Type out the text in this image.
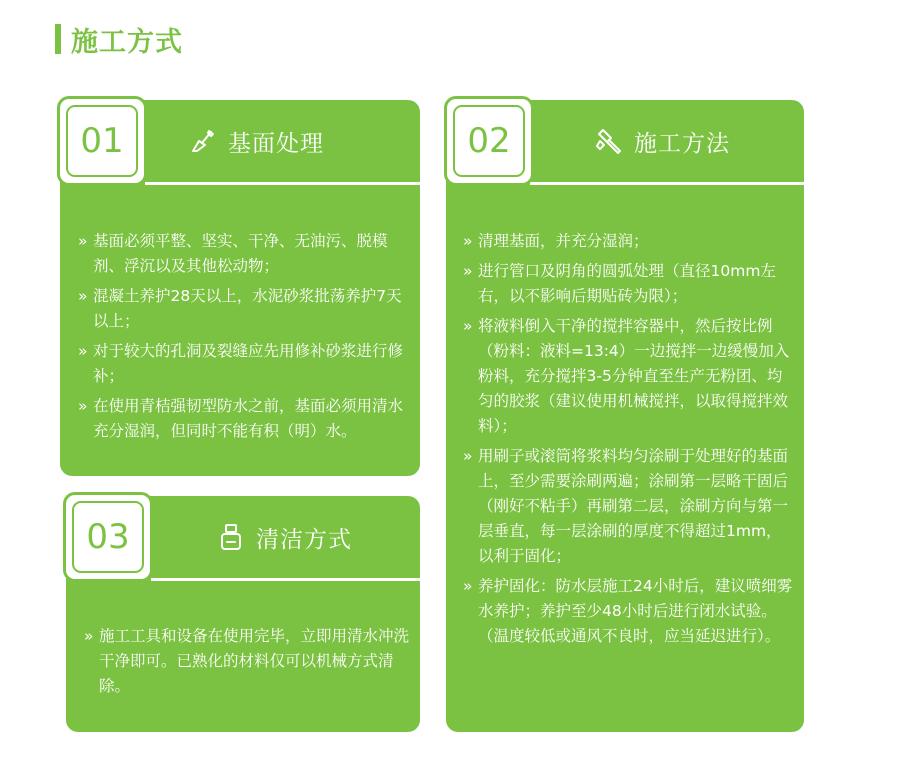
施工方式
基面处理
» 基面必须平整、坚实、干净、无油污、脱模剂、浮沉以及其他松动物；
» 混凝土养护28天以上，水泥砂浆批荡养护7天以上；
» 对于较大的孔洞及裂缝应先用修补砂浆进行修补；
» 在使用青桔强韧型防水之前，基面必须用清水充分湿润，但同时不能有积（明）水。
01	施工方法
» 清理基面，并充分湿润；
» 进行管口及阴角的圆弧处理（直径10mm左右，以不影响后期贴砖为限）；
» 将液料倒入干净的搅拌容器中，然后按比例（粉料：液料=13:4）一边搅拌一边缓慢加入粉料，充分搅拌3-5分钟直至生产无粉团、均匀的胶浆（建议使用机械搅拌，以取得搅拌效料）；
» 用刷子或滚筒将浆料均匀涂刷于处理好的基面上，至少需要涂刷两遍；涂刷第一层略干固后（刚好不粘手）再刷第二层，涂刷方向与第一层垂直，每一层涂刷的厚度不得超过1mm，以利于固化；
» 养护固化：防水层施工24小时后，建议喷细雾水养护；养护至少48小时后进行闭水试验。（温度较低或通风不良时，应当延迟进行）。
02
清洁方式
» 施工工具和设备在使用完毕，立即用清水冲洗干净即可。已熟化的材料仅可以机械方式清除。
03
